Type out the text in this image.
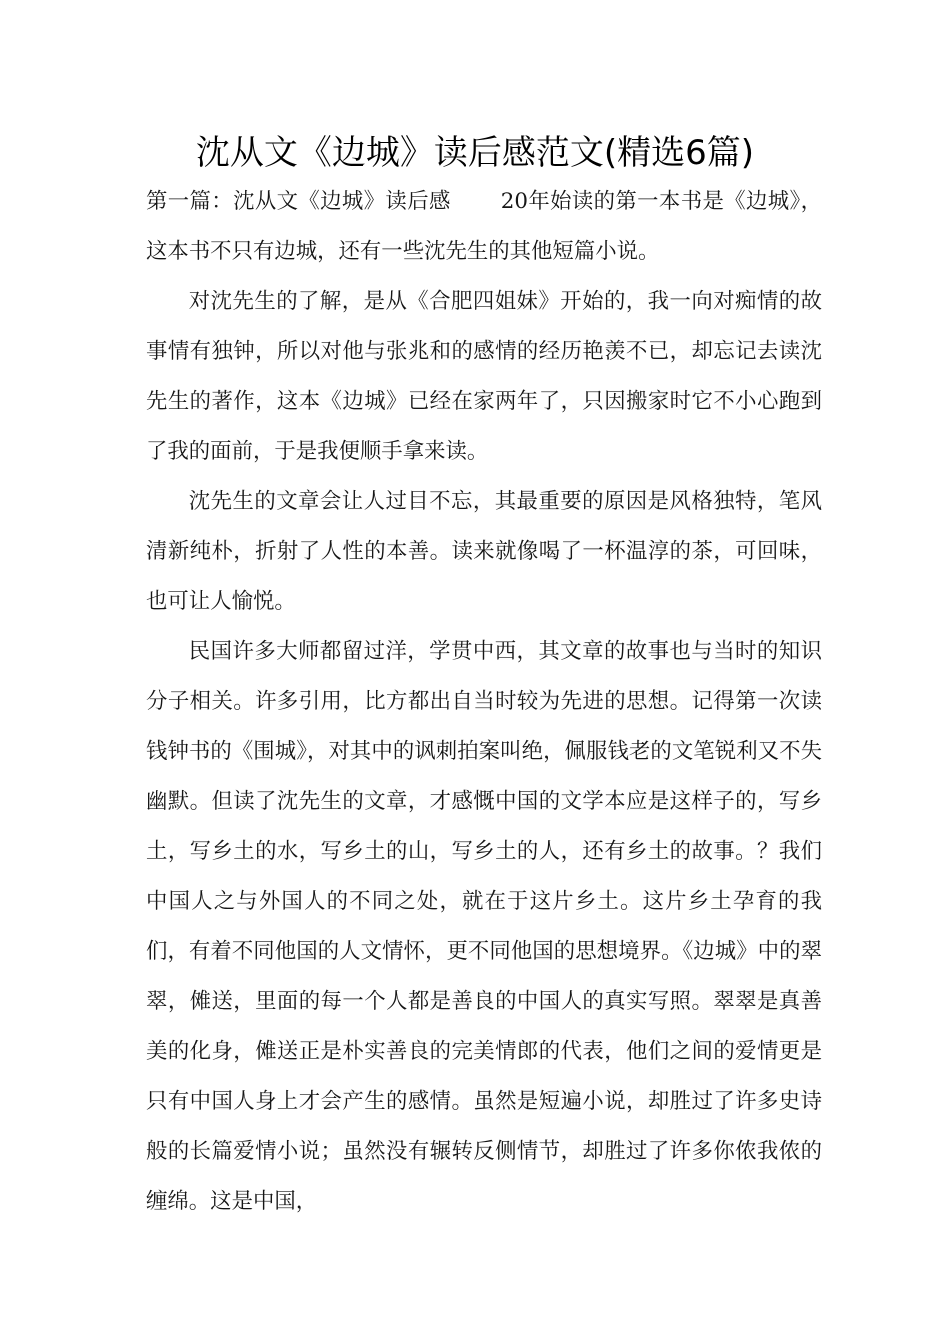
沈从文《边城》读后感范文(精选6篇)

第一篇：沈从文《边城》读后感 20年始读的第一本书是《边城》，这本书不只有边城，还有一些沈先生的其他短篇小说。

对沈先生的了解，是从《合肥四姐妹》开始的，我一向对痴情的故事情有独钟，所以对他与张兆和的感情的经历艳羡不已，却忘记去读沈先生的著作，这本《边城》已经在家两年了，只因搬家时它不小心跑到了我的面前，于是我便顺手拿来读。

沈先生的文章会让人过目不忘，其最重要的原因是风格独特，笔风清新纯朴，折射了人性的本善。读来就像喝了一杯温淳的茶，可回味，也可让人愉悦。

民国许多大师都留过洋，学贯中西，其文章的故事也与当时的知识分子相关。许多引用，比方都出自当时较为先进的思想。记得第一次读钱钟书的《围城》，对其中的讽刺拍案叫绝，佩服钱老的文笔锐利又不失幽默。但读了沈先生的文章，才感慨中国的文学本应是这样子的，写乡土，写乡土的水，写乡土的山，写乡土的人，还有乡土的故事。？我们中国人之与外国人的不同之处，就在于这片乡土。这片乡土孕育的我们，有着不同他国的人文情怀，更不同他国的思想境界。《边城》中的翠翠，傩送，里面的每一个人都是善良的中国人的真实写照。翠翠是真善美的化身，傩送正是朴实善良的完美情郎的代表，他们之间的爱情更是只有中国人身上才会产生的感情。虽然是短遍小说，却胜过了许多史诗般的长篇爱情小说；虽然没有辗转反侧情节，却胜过了许多你侬我侬的缠绵。这是中国，
